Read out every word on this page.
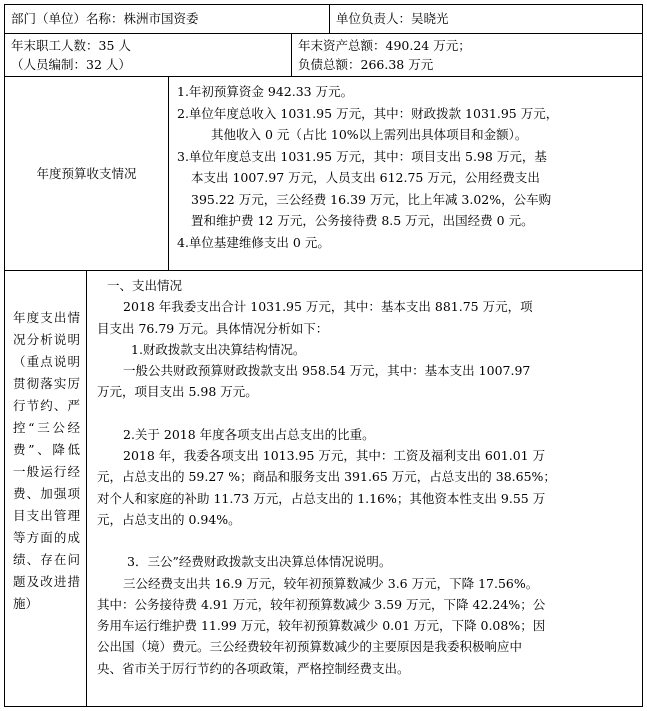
部门（单位）名称：株洲市国资委	单位负责人：吴晓光
年末职工人数：35 人
（人员编制：32 人）
年末资产总额：490.24 万元；
负债总额：266.38 万元
年度预算收支情况
1.年初预算资金 942.33 万元。
2.单位年度总收入 1031.95 万元，其中：财政拨款 1031.95 万元，
其他收入 0 元（占比 10%以上需列出具体项目和金额）。
3.单位年度总支出 1031.95 万元，其中：项目支出 5.98 万元，基
本支出 1007.97 万元，人员支出 612.75 万元，公用经费支出
395.22 万元，三公经费 16.39 万元，比上年减 3.02%，公车购
置和维护费 12 万元，公务接待费 8.5 万元，出国经费 0 元。
4.单位基建维修支出 0 元。
年度支出情况分析说明（重点说明贯彻落实厉行节约、严控“三公经费”、降低一般运行经费、加强项目支出管理等方面的成绩、存在问题及改进措施）
一、支出情况
2018 年我委支出合计 1031.95 万元，其中：基本支出 881.75 万元，项
目支出 76.79 万元。具体情况分析如下：
1.财政拨款支出决算结构情况。
一般公共财政预算财政拨款支出 958.54 万元，其中：基本支出 1007.97
万元，项目支出 5.98 万元。
2.关于 2018 年度各项支出占总支出的比重。
2018 年，我委各项支出 1013.95 万元，其中：工资及福利支出 601.01 万
元，占总支出的 59.27 %；商品和服务支出 391.65 万元，占总支出的 38.65%；
对个人和家庭的补助 11.73 万元，占总支出的 1.16%；其他资本性支出 9.55 万
元，占总支出的 0.94%。
3．三公”经费财政拨款支出决算总体情况说明。
三公经费支出共 16.9 万元，较年初预算数减少 3.6 万元，下降 17.56%。
其中：公务接待费 4.91 万元，较年初预算数减少 3.59 万元，下降 42.24%；公
务用车运行维护费 11.99 万元，较年初预算数减少 0.01 万元，下降 0.08%；因
公出国（境）费元。三公经费较年初预算数减少的主要原因是我委积极响应中
央、省市关于厉行节约的各项政策，严格控制经费支出。
